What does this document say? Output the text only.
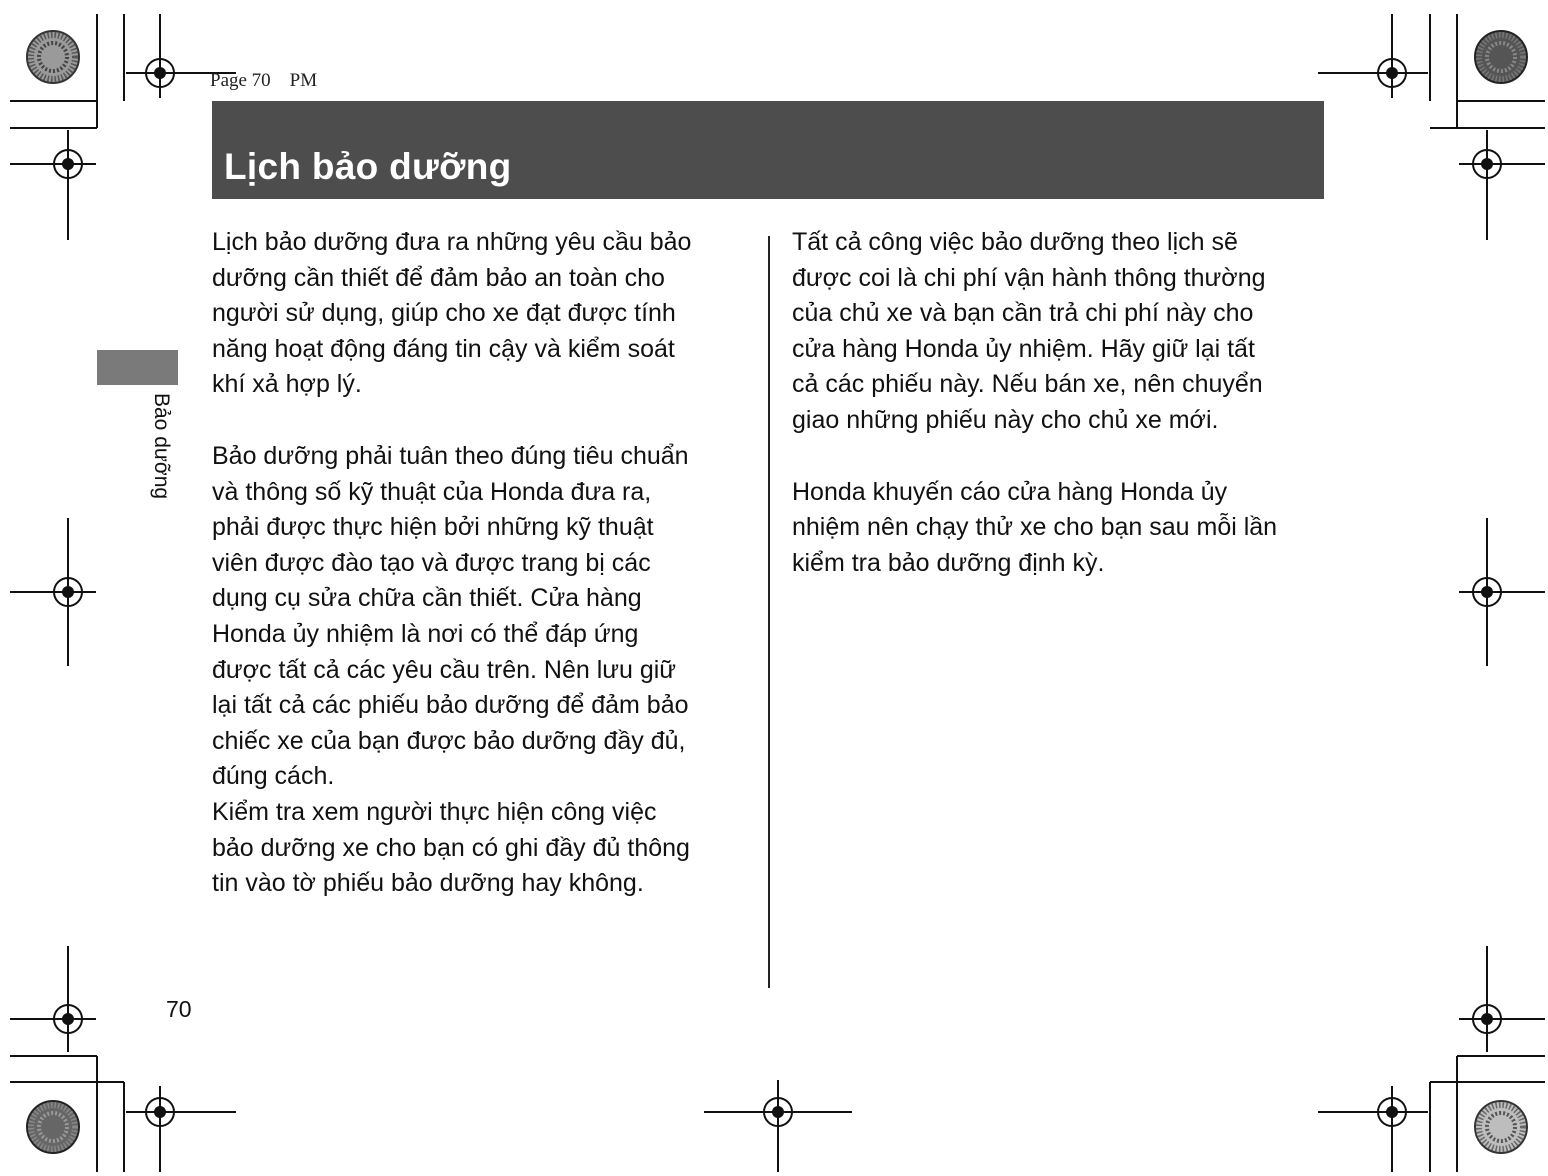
Page 70    PM
Lịch bảo dưỡng
Bảo dưỡng

Lịch bảo dưỡng đưa ra những yêu cầu bảo
dưỡng cần thiết để đảm bảo an toàn cho
người sử dụng, giúp cho xe đạt được tính
năng hoạt động đáng tin cậy và kiểm soát
khí xả hợp lý.

Bảo dưỡng phải tuân theo đúng tiêu chuẩn
và thông số kỹ thuật của Honda đưa ra,
phải được thực hiện bởi những kỹ thuật
viên được đào tạo và được trang bị các
dụng cụ sửa chữa cần thiết. Cửa hàng
Honda ủy nhiệm là nơi có thể đáp ứng
được tất cả các yêu cầu trên. Nên lưu giữ
lại tất cả các phiếu bảo dưỡng để đảm bảo
chiếc xe của bạn được bảo dưỡng đầy đủ,
đúng cách.

Kiểm tra xem người thực hiện công việc
bảo dưỡng xe cho bạn có ghi đầy đủ thông
tin vào tờ phiếu bảo dưỡng hay không.

Tất cả công việc bảo dưỡng theo lịch sẽ
được coi là chi phí vận hành thông thường
của chủ xe và bạn cần trả chi phí này cho
cửa hàng Honda ủy nhiệm. Hãy giữ lại tất
cả các phiếu này. Nếu bán xe, nên chuyển
giao những phiếu này cho chủ xe mới.

Honda khuyến cáo cửa hàng Honda ủy
nhiệm nên chạy thử xe cho bạn sau mỗi lần
kiểm tra bảo dưỡng định kỳ.

70
